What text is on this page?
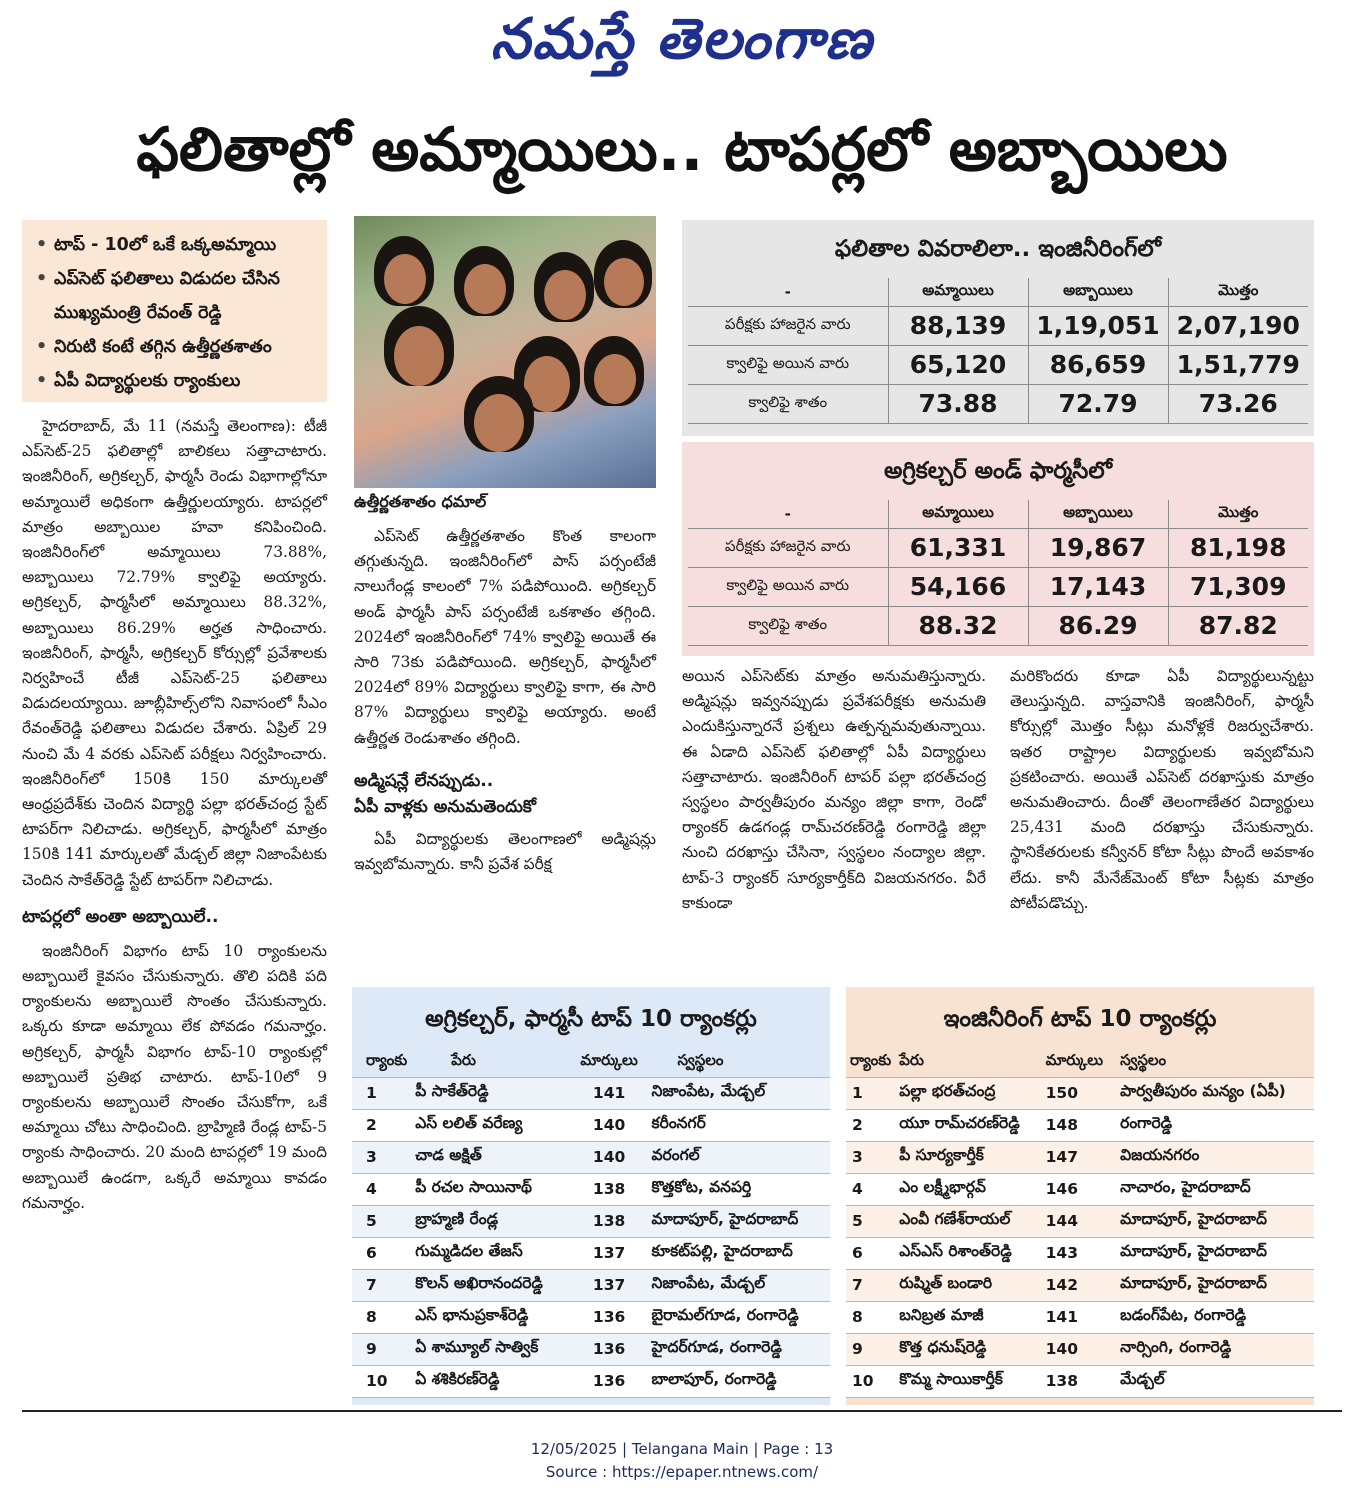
నమస్తే తెలంగాణ
ఫలితాల్లో అమ్మాయిలు.. టాపర్లలో అబ్బాయిలు
• టాప్ - 10లో ఒకే ఒక్కఅమ్మాయి
• ఎప్‌సెట్ ఫలితాలు విడుదల చేసిన
ముఖ్యమంత్రి రేవంత్ రెడ్డి
• నిరుటి కంటే తగ్గిన ఉత్తీర్ణతశాతం
• ఏపీ విద్యార్థులకు ర్యాంకులు

హైదరాబాద్, మే 11 (నమస్తే తెలంగాణ): టీజీ ఎప్‌సెట్-25 ఫలితాల్లో బాలికలు సత్తాచాటారు. ఇంజినీరింగ్, అగ్రికల్చర్, ఫార్మసీ రెండు విభాగాల్లోనూ అమ్మాయిలే అధికంగా ఉత్తీర్ణులయ్యారు. టాపర్లలో మాత్రం అబ్బాయిల హవా కనిపించింది. ఇంజినీరింగ్‌లో అమ్మాయిలు 73.88%, అబ్బాయిలు 72.79% క్వాలిఫై అయ్యారు. అగ్రికల్చర్, ఫార్మసీలో అమ్మాయిలు 88.32%, అబ్బాయిలు 86.29% అర్హత సాధించారు. ఇంజినీరింగ్, ఫార్మసీ, అగ్రికల్చర్ కోర్సుల్లో ప్రవేశాలకు నిర్వహించే టీజీ ఎప్‌సెట్-25 ఫలితాలు విడుదలయ్యాయి. జూబ్లీహిల్స్‌లోని నివాసంలో సీఎం రేవంత్‌రెడ్డి ఫలితాలు విడుదల చేశారు. ఏప్రిల్ 29 నుంచి మే 4 వరకు ఎప్‌సెట్ పరీక్షలు నిర్వహించారు. ఇంజినీరింగ్‌లో 150కి 150 మార్కులతో ఆంధ్రప్రదేశ్‌కు చెందిన విద్యార్థి పల్లా భరత్‌చంద్ర స్టేట్ టాపర్‌గా నిలిచాడు. అగ్రికల్చర్, ఫార్మసీలో మాత్రం 150కి 141 మార్కులతో మేడ్చల్ జిల్లా నిజాంపేటకు చెందిన సాకేత్‌రెడ్డి స్టేట్ టాపర్‌గా నిలిచాడు.

టాపర్లలో అంతా అబ్బాయిలే..

ఇంజినీరింగ్ విభాగం టాప్ 10 ర్యాంకులను అబ్బాయిలే కైవసం చేసుకున్నారు. తొలి పదికి పది ర్యాంకులను అబ్బాయిలే సొంతం చేసుకున్నారు. ఒక్కరు కూడా అమ్మాయి లేక పోవడం గమనార్హం. అగ్రికల్చర్, ఫార్మసీ విభాగం టాప్-10 ర్యాంకుల్లో అబ్బాయిలే ప్రతిభ చాటారు. టాప్-10లో 9 ర్యాంకులను అబ్బాయిలే సొంతం చేసుకోగా, ఒకే అమ్మాయి చోటు సాధించింది. బ్రాహ్మిణి రేండ్ల టాప్-5 ర్యాంకు సాధించారు. 20 మంది టాపర్లలో 19 మంది అబ్బాయిలే ఉండగా, ఒక్కరే అమ్మాయి కావడం గమనార్హం.

ఉత్తీర్ణతశాతం ధమాల్

ఎప్‌సెట్ ఉత్తీర్ణతశాతం కొంత కాలంగా తగ్గుతున్నది. ఇంజినీరింగ్‌లో పాస్ పర్సంటేజీ నాలుగేండ్ల కాలంలో 7% పడిపోయింది. అగ్రికల్చర్ అండ్ ఫార్మసీ పాస్ పర్సంటేజీ ఒకశాతం తగ్గింది. 2024లో ఇంజినీరింగ్‌లో 74% క్వాలిఫై అయితే ఈ సారి 73కు పడిపోయింది. అగ్రికల్చర్, ఫార్మసీలో 2024లో 89% విద్యార్థులు క్వాలిఫై కాగా, ఈ సారి 87% విద్యార్థులు క్వాలిఫై అయ్యారు. అంటే ఉత్తీర్ణత రెండుశాతం తగ్గింది.

అడ్మిషన్లే లేనప్పుడు..
ఏపీ వాళ్లకు అనుమతెందుకో

ఏపీ విద్యార్థులకు తెలంగాణలో అడ్మిషన్లు ఇవ్వబోమన్నారు. కానీ ప్రవేశ పరీక్ష

ఫలితాల వివరాలిలా.. ఇంజినీరింగ్‌లో
-	అమ్మాయిలు	అబ్బాయిలు	మొత్తం
పరీక్షకు హాజరైన వారు	88,139	1,19,051	2,07,190
క్వాలిఫై అయిన వారు	65,120	86,659	1,51,779
క్వాలిఫై శాతం	73.88	72.79	73.26
అగ్రికల్చర్ అండ్ ఫార్మసీలో
-	అమ్మాయిలు	అబ్బాయిలు	మొత్తం
పరీక్షకు హాజరైన వారు	61,331	19,867	81,198
క్వాలిఫై అయిన వారు	54,166	17,143	71,309
క్వాలిఫై శాతం	88.32	86.29	87.82

అయిన ఎప్‌సెట్‌కు మాత్రం అనుమతిస్తున్నారు. అడ్మిషన్లు ఇవ్వనప్పుడు ప్రవేశపరీక్షకు అనుమతి ఎందుకిస్తున్నారనే ప్రశ్నలు ఉత్పన్నమవుతున్నాయి. ఈ ఏడాది ఎప్‌సెట్ ఫలితాల్లో ఏపీ విద్యార్థులు సత్తాచాటారు. ఇంజినీరింగ్ టాపర్ పల్లా భరత్‌చంద్ర స్వస్థలం పార్వతీపురం మన్యం జిల్లా కాగా, రెండో ర్యాంకర్ ఉడగండ్ల రామ్‌చరణ్‌రెడ్డి రంగారెడ్డి జిల్లా నుంచి దరఖాస్తు చేసినా, స్వస్థలం నంద్యాల జిల్లా. టాప్-3 ర్యాంకర్ సూర్యకార్తీక్‌ది విజయనగరం. వీరే కాకుండా

మరికొందరు కూడా ఏపీ విద్యార్థులున్నట్టు తెలుస్తున్నది. వాస్తవానికి ఇంజినీరింగ్, ఫార్మసీ కోర్సుల్లో మొత్తం సీట్లు మనోళ్లకే రిజర్వుచేశారు. ఇతర రాష్ట్రాల విద్యార్థులకు ఇవ్వబోమని ప్రకటించారు. అయితే ఎప్‌సెట్ దరఖాస్తుకు మాత్రం అనుమతించారు. దీంతో తెలంగాణేతర విద్యార్థులు 25,431 మంది దరఖాస్తు చేసుకున్నారు. స్థానికేతరులకు కన్వీనర్ కోటా సీట్లు పొందే అవకాశం లేదు. కానీ మేనేజ్‌మెంట్ కోటా సీట్లకు మాత్రం పోటీపడొచ్చు.

అగ్రికల్చర్, ఫార్మసీ టాప్ 10 ర్యాంకర్లు
ర్యాంకు	పేరు	మార్కులు	స్వస్థలం
1	పీ సాకేత్‌రెడ్డి	141	నిజాంపేట, మేడ్చల్
2	ఎస్ లలిత్ వరేణ్య	140	కరీంనగర్
3	చాడ అక్షిత్	140	వరంగల్
4	పీ రచల సాయినాథ్	138	కొత్తకోట, వనపర్తి
5	బ్రాహ్మణి రేండ్ల	138	మాదాపూర్, హైదరాబాద్
6	గుమ్మడిదల తేజస్	137	కూకట్‌పల్లి, హైదరాబాద్
7	కొలన్ అఖిరానందరెడ్డి	137	నిజాంపేట, మేడ్చల్
8	ఎస్ భానుప్రకాశ్‌రెడ్డి	136	బైరామల్‌గూడ, రంగారెడ్డి
9	ఏ శామ్యూల్ సాత్విక్	136	హైదర్‌గూడ, రంగారెడ్డి
10	ఏ శశికిరణ్‌రెడ్డి	136	బాలాపూర్, రంగారెడ్డి
ఇంజినీరింగ్ టాప్ 10 ర్యాంకర్లు
ర్యాంకు	పేరు	మార్కులు	స్వస్థలం
1	పల్లా భరత్‌చంద్ర	150	పార్వతీపురం మన్యం (ఏపీ)
2	యూ రామ్‌చరణ్‌రెడ్డి	148	రంగారెడ్డి
3	పీ సూర్యకార్తీక్	147	విజయనగరం
4	ఎం లక్ష్మీభార్గవ్	146	నాచారం, హైదరాబాద్
5	ఎంవీ గణేశ్‌రాయల్	144	మాదాపూర్, హైదరాబాద్
6	ఎస్ఎస్ రిశాంత్‌రెడ్డి	143	మాదాపూర్, హైదరాబాద్
7	రుష్మిత్ బండారి	142	మాదాపూర్, హైదరాబాద్
8	బనిబ్రత మాజీ	141	బడంగ్‌పేట, రంగారెడ్డి
9	కొత్త ధనుష్‌రెడ్డి	140	నార్సింగి, రంగారెడ్డి
10	కొమ్మ సాయికార్తీక్	138	మేడ్చల్
12/05/2025 | Telangana Main | Page : 13
Source : https://epaper.ntnews.com/
